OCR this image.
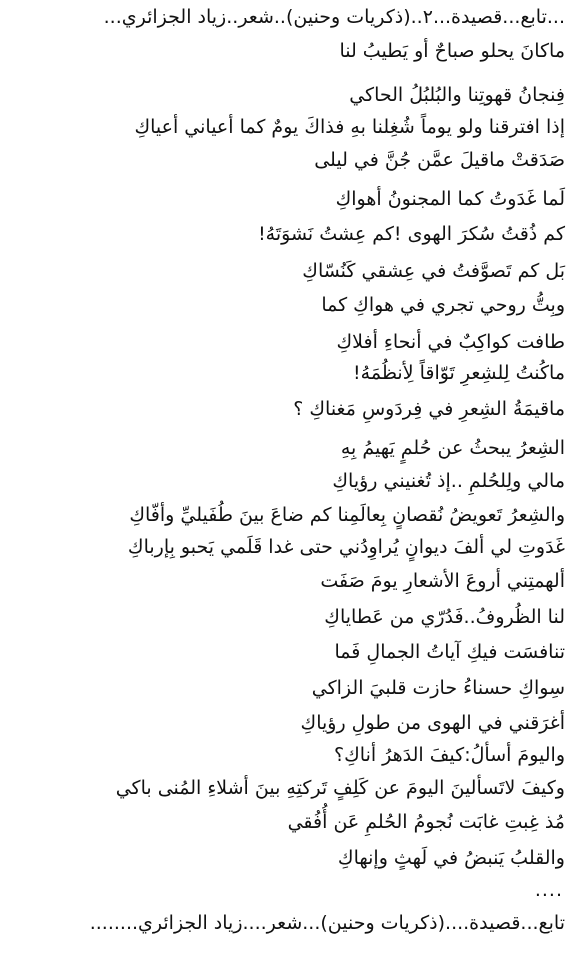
...تابع...قصيدة...٢..(ذكريات وحنين)..شعر..زياد الجزائري...
ماكانَ يحلو صباحٌ أو يَطيبُ لنا
فِنجانُ قهوتِنا والبُلبُلُ الحاكي
إذا افترقنا ولو يوماً شُغِلنا بهِ فذاكَ يومٌ كما أعياني أعياكِ
صَدَقتْ ماقيلَ عمَّن جُنَّ في ليلى
لَما غَدَوتُ كما المجنونُ أهواكِ
كم ذُقتُ سُكرَ الهوى !كم عِشتُ نَشوَتَهُ!
بَل كم تَصوَّفتُ في عِشقي كَنُسّاكِ
وبِتُّ روحي تجري في هواكِ كما
طافت كواكِبٌ في أنحاءِ أفلاكِ
ماكُنتُ لِلشِعرِ تَوّاقاً لِأنظُمَهُ!
ماقيمَةُ الشِعرِ في فِردَوسِ مَغناكِ ؟
الشِعرُ يبحثُ عن حُلمٍ يَهيمُ بِهِ
مالي ولِلحُلمِ ..إذ تُغنيني رؤياكِ
والشِعرُ تَعويضُ نُقصانٍ بِعالَمِنا كم ضاعَ بينَ طُفَيليِّ وأفّاكِ
غَدَوتِ لي ألفَ ديوانٍ يُراوِدُني حتى غدا قَلَمي يَحبو بِإرباكِ
ألهمتِني أروعَ الأشعارِ يومَ صَفَت
لنا الظُروفُ..فَدُرّي من عَطاياكِ
تنافسَت فيكِ آياتُ الجمالِ فَما
سِواكِ حسناءُ حازت قلبيَ الزاكي
أغرَقني في الهوى من طولِ رؤياكِ
واليومَ أسألُ:كيفَ الدَهرُ أناكِ؟
وكيفَ لاتَسألينَ اليومَ عن كَلِفٍ تَركتِهِ بينَ أشلاءِ المُنى باكي
مُذ غِبتِ غابَت نُجومُ الحُلمِ عَن أُفُقي
والقلبُ يَنبضُ في لَهثٍ وإنهاكِ
....
تابع...قصيدة....(ذكريات وحنين)...شعر....زياد الجزائري........
